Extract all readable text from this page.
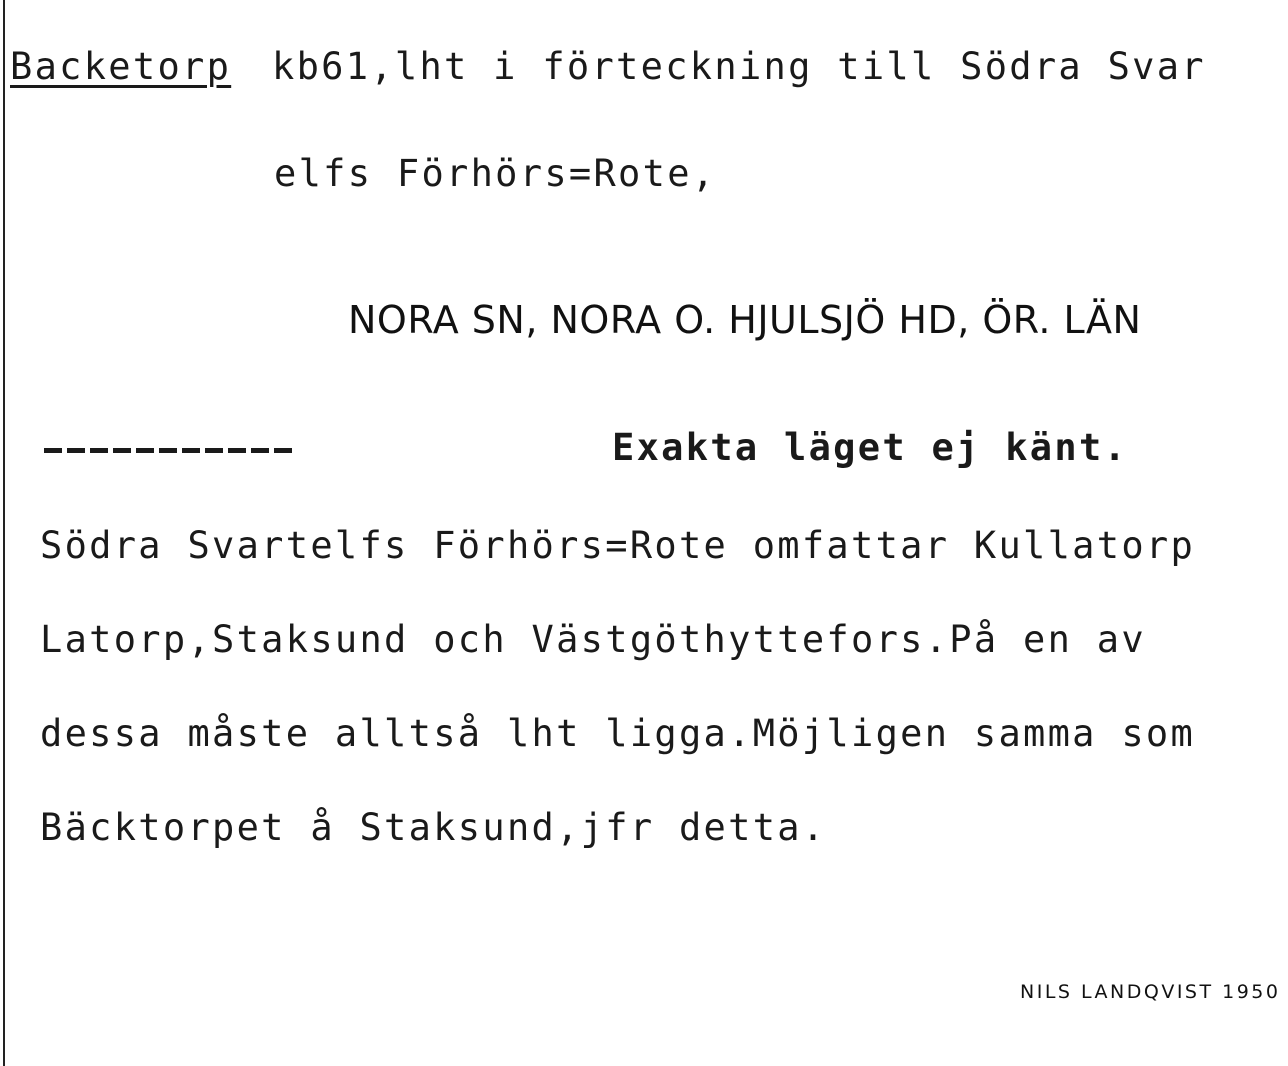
Backetorp kb61,lht i förteckning till Södra Svar
elfs Förhörs=Rote,
NORA SN, NORA O. HJULSJÖ HD, ÖR. LÄN
Exakta läget ej känt.
Södra Svartelfs Förhörs=Rote omfattar Kullatorp
Latorp,Staksund och Västgöthyttefors.På en av
dessa måste alltså lht ligga.Möjligen samma som
Bäcktorpet å Staksund,jfr detta.
NILS LANDQVIST 1950
